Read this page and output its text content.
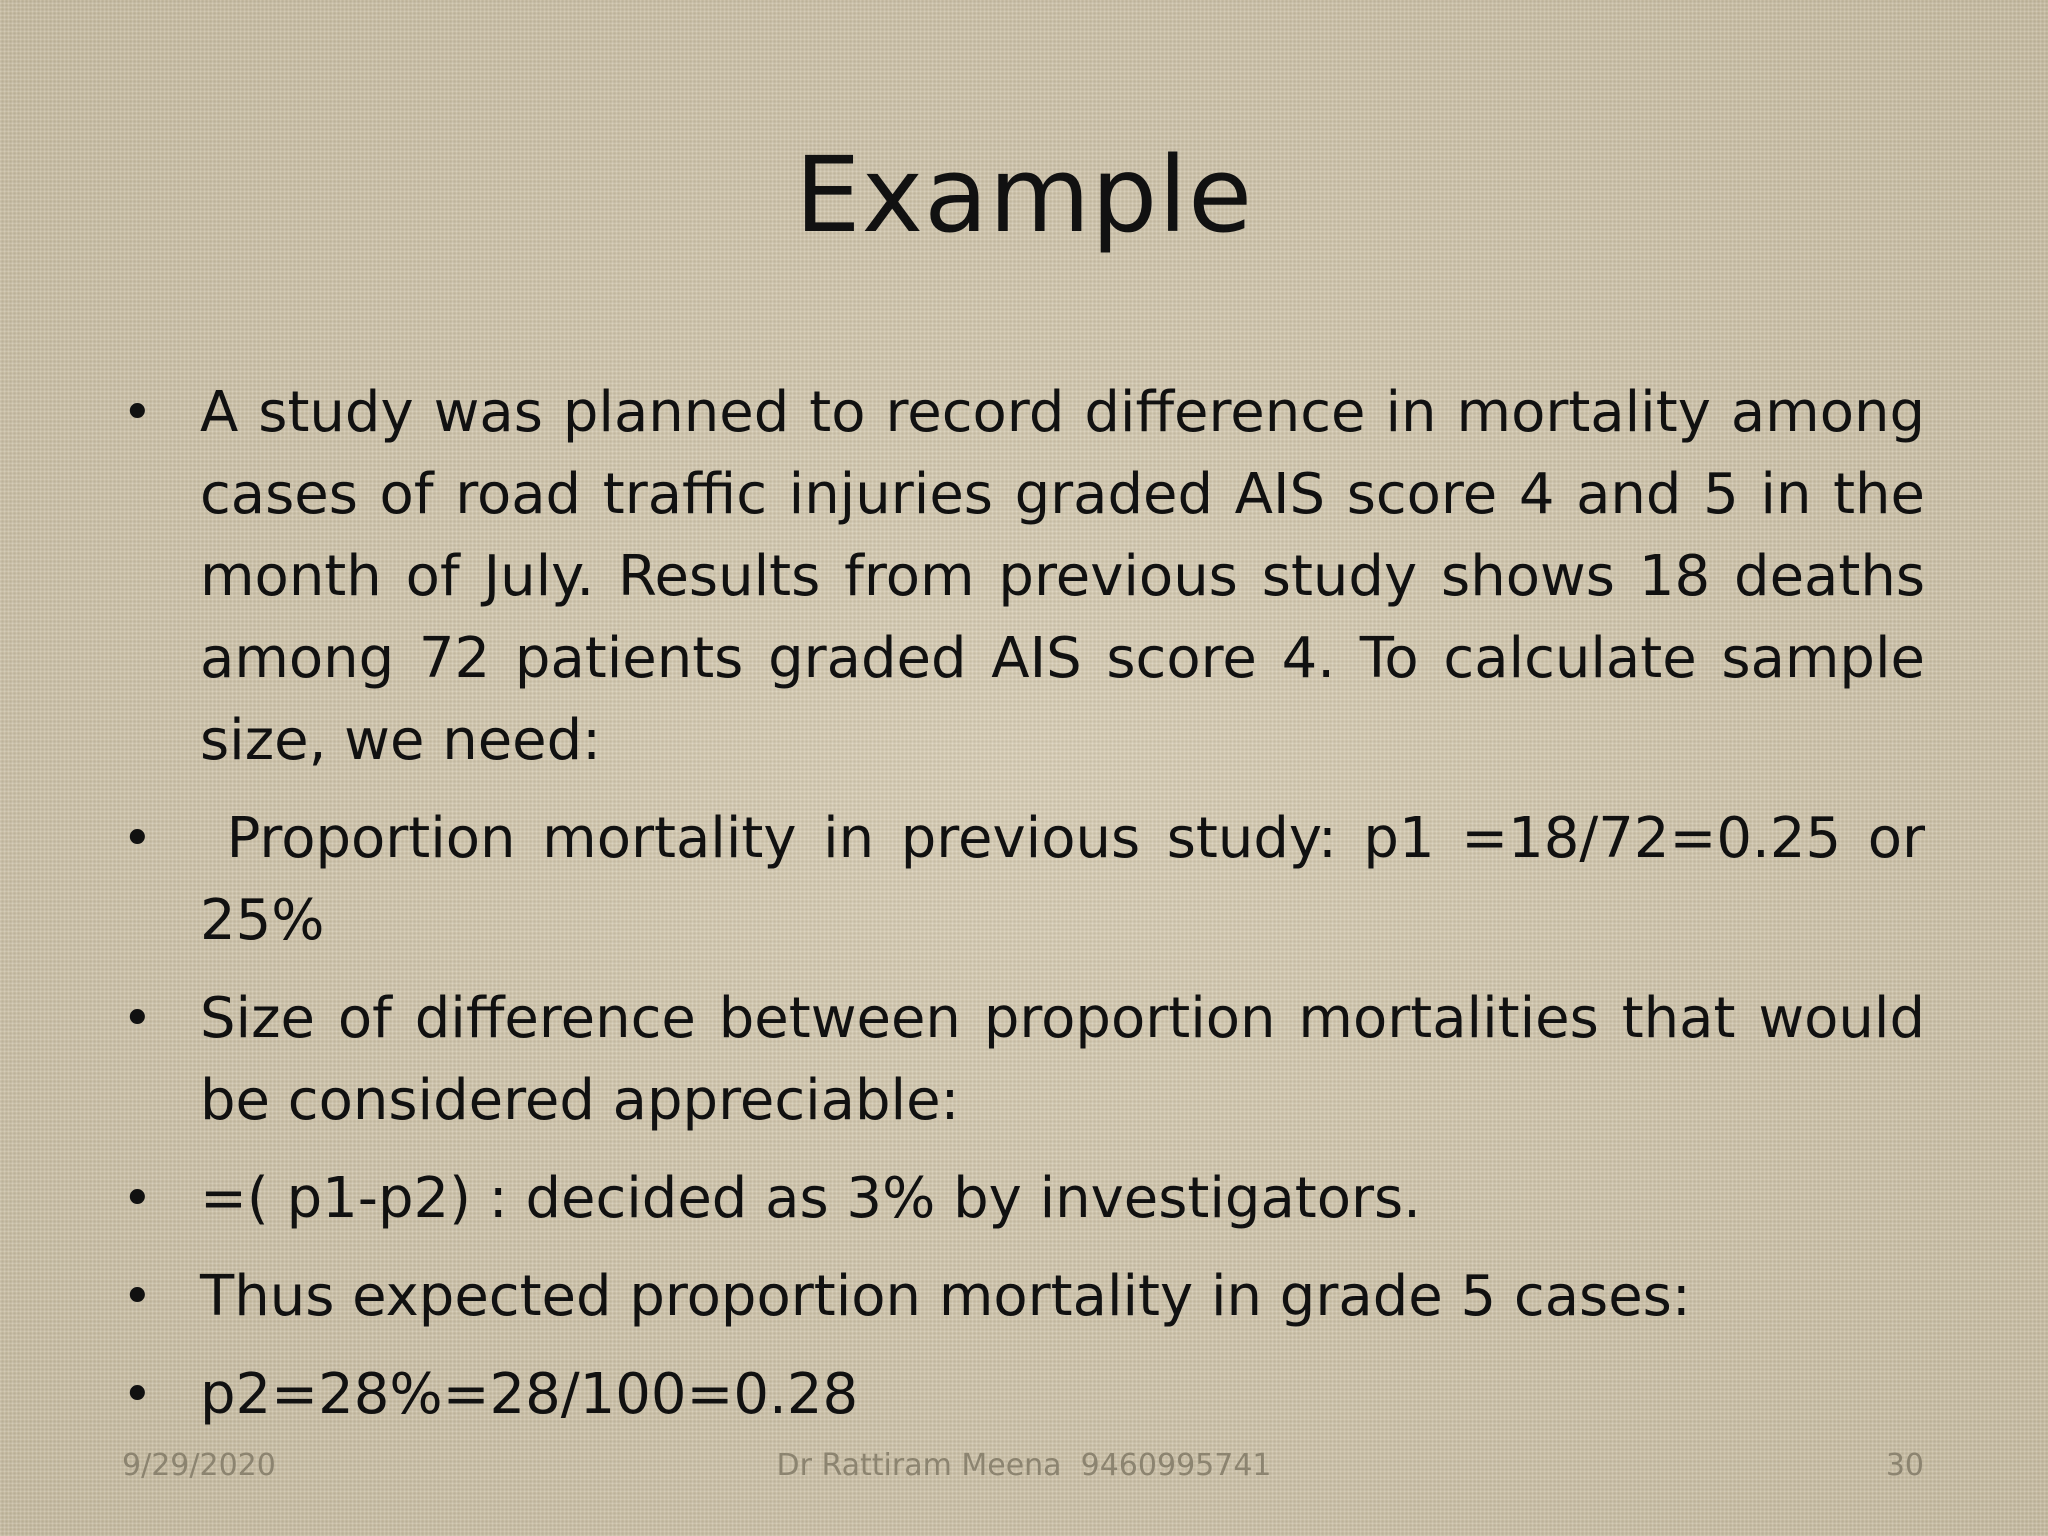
Example
• A study was planned to record difference in mortality among cases of road traffic injuries graded AIS score 4 and 5 in the month of July. Results from previous study shows 18 deaths among 72 patients graded AIS score 4. To calculate sample size, we need:
• Proportion mortality in previous study: p1 =18/72=0.25 or 25%
• Size of difference between proportion mortalities that would be considered appreciable:
• =( p1-p2) : decided as 3% by investigators.
• Thus expected proportion mortality in grade 5 cases:
• p2=28%=28/100=0.28
9/29/2020	Dr Rattiram Meena  9460995741	30
